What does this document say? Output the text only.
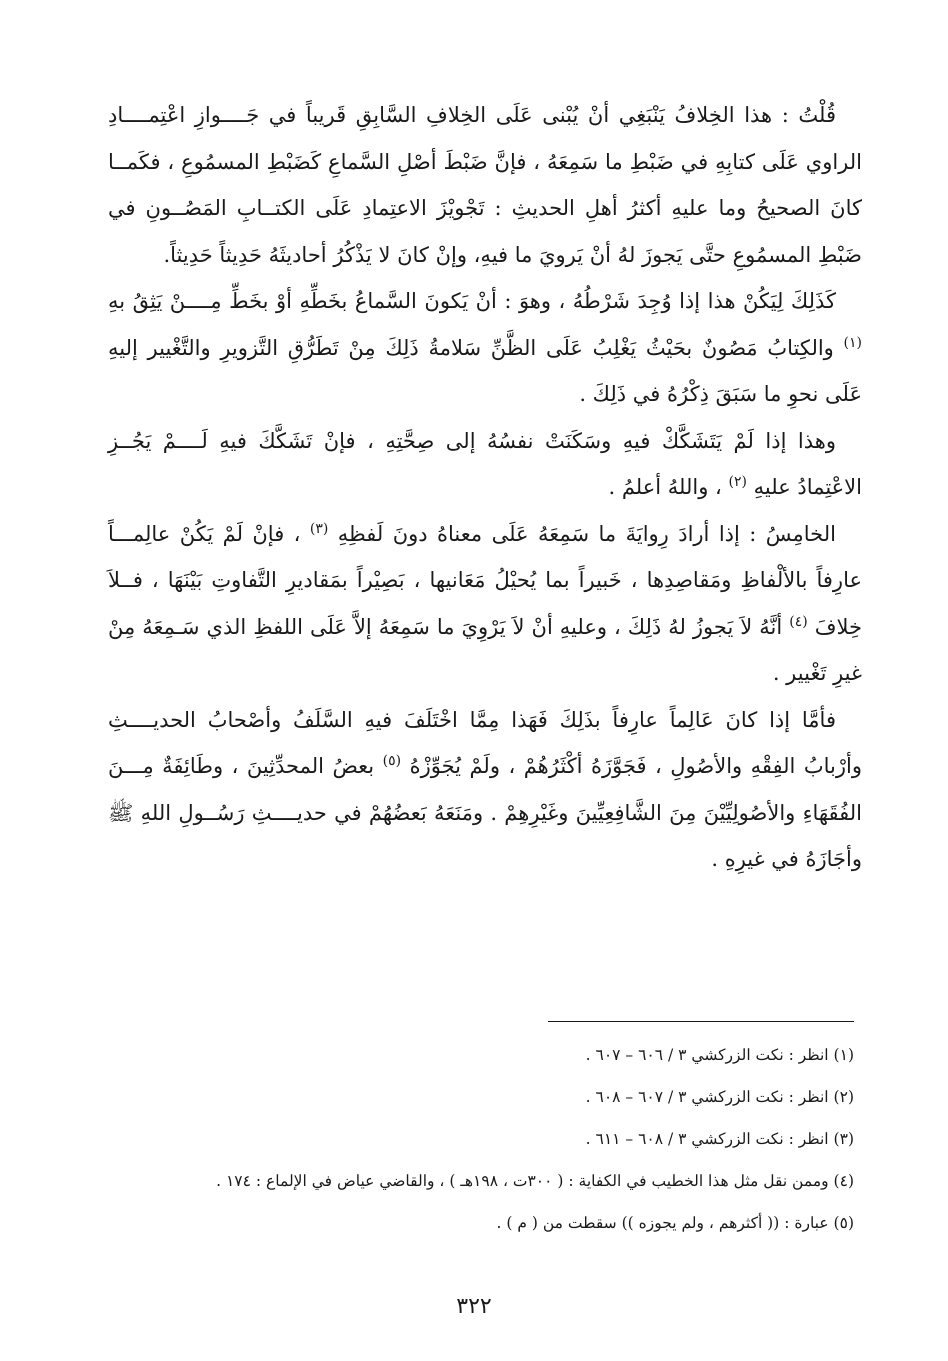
قُلْتُ : هذا الخِلافُ يَنْبَغِي أنْ يُبْنى عَلَى الخِلافِ السَّابِقِ قَريباً في جَــــوازِ اعْتِمــــادِ الراوي عَلَى كتابِهِ في ضَبْطِ ما سَمِعَهُ ، فإنَّ ضَبْطَ أصْلِ السَّماعِ كَضَبْطِ المسمُوعِ ، فكَمــا كانَ الصحيحُ وما عليهِ أكثرُ أهلِ الحديثِ : تَجْويْزَ الاعتِمادِ عَلَى الكتــابِ المَصُــونِ في ضَبْطِ المسمُوعِ حتَّى يَجوزَ لهُ أنْ يَرويَ ما فيهِ، وإنْ كانَ لا يَذْكُرُ أحاديثَهُ حَدِيثاً حَدِيثاً.

كَذَلِكَ لِيَكُنْ هذا إذا وُجِدَ شَرْطُهُ ، وهوَ : أنْ يَكونَ السَّماعُ بخَطِّهِ أوْ بخَطِّ مِــــنْ يَثِقُ بهِ $^{(١)}$ والكِتابُ مَصُونٌ بحَيْثُ يَغْلِبُ عَلَى الظَّنِّ سَلامةُ ذَلِكَ مِنْ تَطَرُّقِ التَّزويرِ والتَّغْيير إليهِ عَلَى نحوِ ما سَبَقَ ذِكْرُهُ في ذَلِكَ .

وهذا إذا لَمْ يَتَشَكَّكْ فيهِ وسَكَنَتْ نفسُهُ إلى صِحَّتِهِ ، فإنْ تَشَكَّكَ فيهِ لَــــمْ يَجُــزِ الاعْتِمادُ عليهِ $^{(٢)}$ ، واللهُ أعلمُ .

الخامِسُ : إذا أرادَ رِوايَةَ ما سَمِعَهُ عَلَى معناهُ دونَ لَفظِهِ $^{(٣)}$ ، فإنْ لَمْ يَكُنْ عالِمـــاً عارِفاً بالألْفاظِ ومَقاصِدِها ، خَبيراً بما يُحيْلُ مَعَانيها ، بَصِيْراً بمَقاديرِ التَّفاوتِ بَيْنَهَا ، فــلاَ خِلافَ $^{(٤)}$ أنَّهُ لاَ يَجوزُ لهُ ذَلِكَ ، وعليهِ أنْ لاَ يَرْوِيَ ما سَمِعَهُ إلاَّ عَلَى اللفظِ الذي سَـمِعَهُ مِنْ غيرِ تَغْيير .

فأمَّا إذا كانَ عَالِماً عارِفاً بذَلِكَ فَهَذا مِمَّا اخْتَلَفَ فيهِ السَّلَفُ وأصْحابُ الحديــــثِ وأرْبابُ الفِقْهِ والأصُولِ ، فَجَوَّزَهُ أكْثَرُهُمْ ، ولَمْ يُجَوِّزْهُ $^{(٥)}$ بعضُ المحدِّثِينَ ، وطَائِفَةٌ مِـــنَ الفُقَهَاءِ والأصُولِيِّيْنَ مِنَ الشَّافِعِيِّينَ وغَيْرِهِمْ . ومَنَعَهُ بَعضُهُمْ في حديــــثِ رَسُــولِ اللهِ ﷺ وأجَازَهُ في غيرِهِ .

(١) انظر : نكت الزركشي ٣ / ٦٠٦ – ٦٠٧ .
(٢) انظر : نكت الزركشي ٣ / ٦٠٧ – ٦٠٨ .
(٣) انظر : نكت الزركشي ٣ / ٦٠٨ – ٦١١ .
(٤) وممن نقل مثل هذا الخطيب في الكفاية : ( ٣٠٠ت ، ١٩٨هـ ) ، والقاضي عياض في الإلماع : ١٧٤ .
(٥) عبارة : (( أكثرهم ، ولم يجوزه )) سقطت من ( م ) .
٣٢٢
